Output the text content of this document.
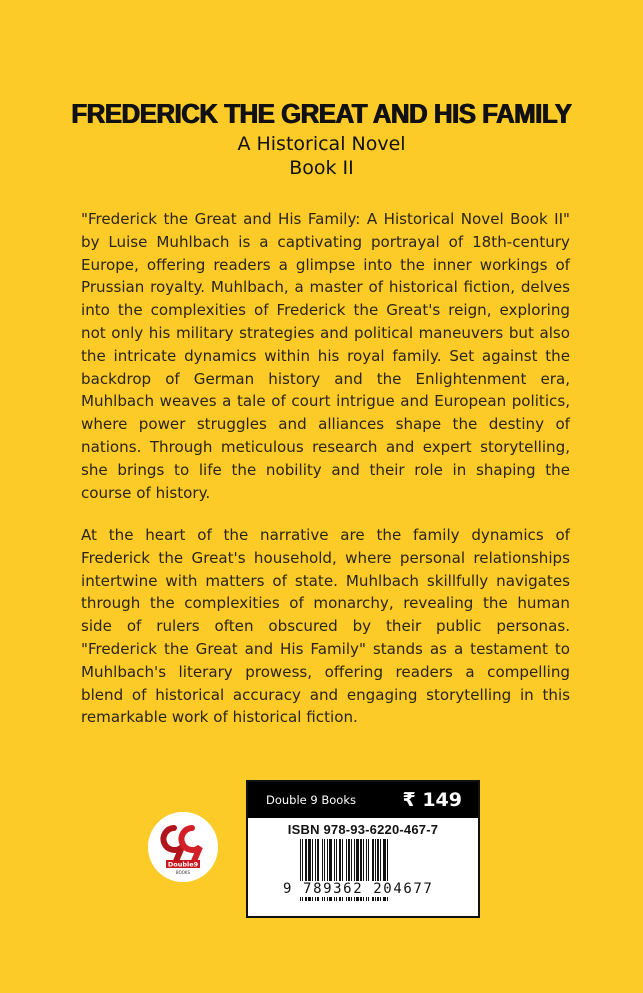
FREDERICK THE GREAT AND HIS FAMILY
A Historical Novel
Book II
"Frederick the Great and His Family: A Historical Novel Book II" by Luise Muhlbach is a captivating portrayal of 18th-century Europe, offering readers a glimpse into the inner workings of Prussian royalty. Muhlbach, a master of historical fiction, delves into the complexities of Frederick the Great's reign, exploring not only his military strategies and political maneuvers but also the intricate dynamics within his royal family. Set against the backdrop of German history and the Enlightenment era, Muhlbach weaves a tale of court intrigue and European politics, where power struggles and alliances shape the destiny of nations. Through meticulous research and expert storytelling, she brings to life the nobility and their role in shaping the course of history.
At the heart of the narrative are the family dynamics of Frederick the Great's household, where personal relationships intertwine with matters of state. Muhlbach skillfully navigates through the complexities of monarchy, revealing the human side of rulers often obscured by their public personas. "Frederick the Great and His Family" stands as a testament to Muhlbach's literary prowess, offering readers a compelling blend of historical accuracy and engaging storytelling in this remarkable work of historical fiction.
Double9
BOOKS
Double 9 Books ₹ 149
ISBN 978-93-6220-467-7
9 789362 204677
